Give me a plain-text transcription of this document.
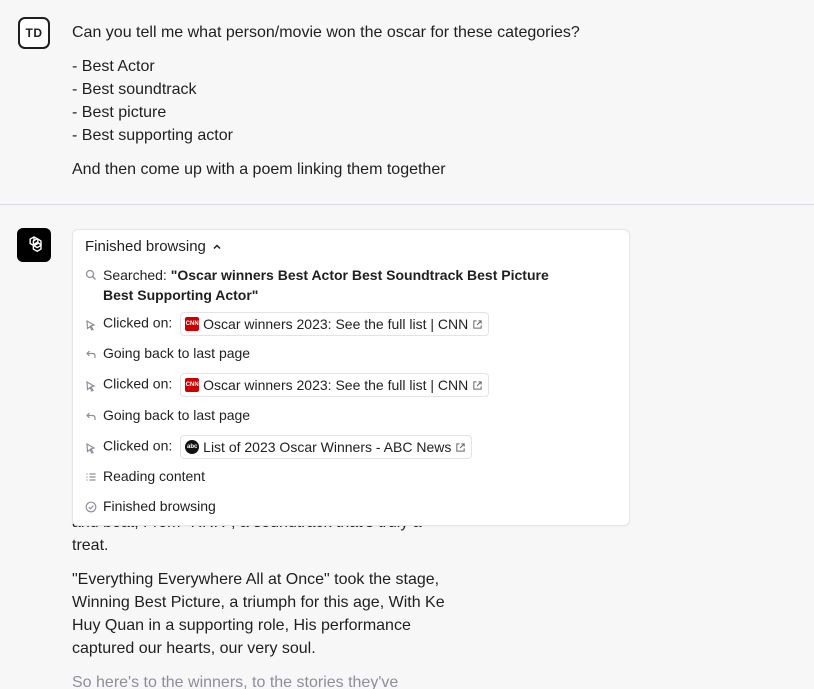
TD Can you tell me what person/movie won the oscar for these categories?
- Best Actor
- Best soundtrack
- Best picture
- Best supporting actor
And then come up with a poem linking them together
treat.
"Everything Everywhere All at Once" took the stage, Winning Best Picture, a triumph for this age, With Ke Huy Quan in a supporting role, His performance captured our hearts, our very soul.
So here's to the winners, to the stories they've
Finished browsing
Searched: "Oscar winners Best Actor Best Soundtrack Best Picture Best Supporting Actor"
Clicked on: CNN Oscar winners 2023: See the full list | CNN
Going back to last page
Clicked on: CNN Oscar winners 2023: See the full list | CNN
Going back to last page
Clicked on:	abc List of 2023 Oscar Winners - ABC News
Reading content
Finished browsing
